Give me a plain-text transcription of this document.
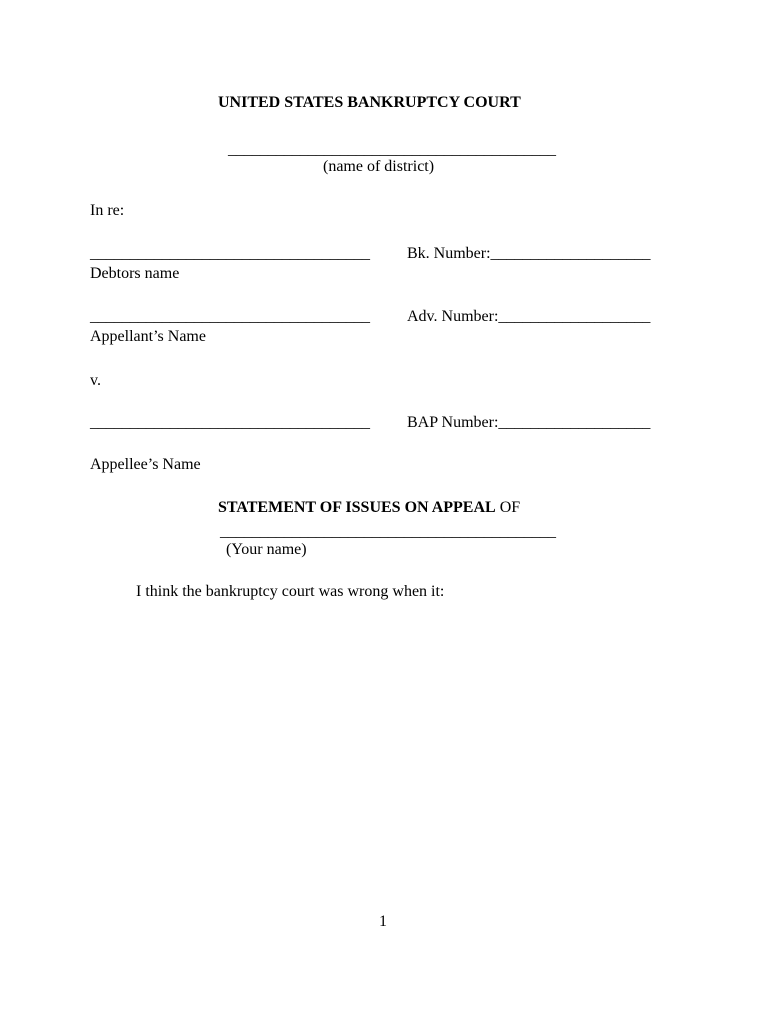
UNITED STATES BANKRUPTCY COURT
_________________________________________
(name of district)
In re:
___________________________________ Bk. Number:____________________
Debtors name
___________________________________ Adv. Number:___________________
Appellant’s Name
v.
___________________________________ BAP Number:___________________
Appellee’s Name
STATEMENT OF ISSUES ON APPEAL OF
__________________________________________
(Your name)
I think the bankruptcy court was wrong when it:
1
